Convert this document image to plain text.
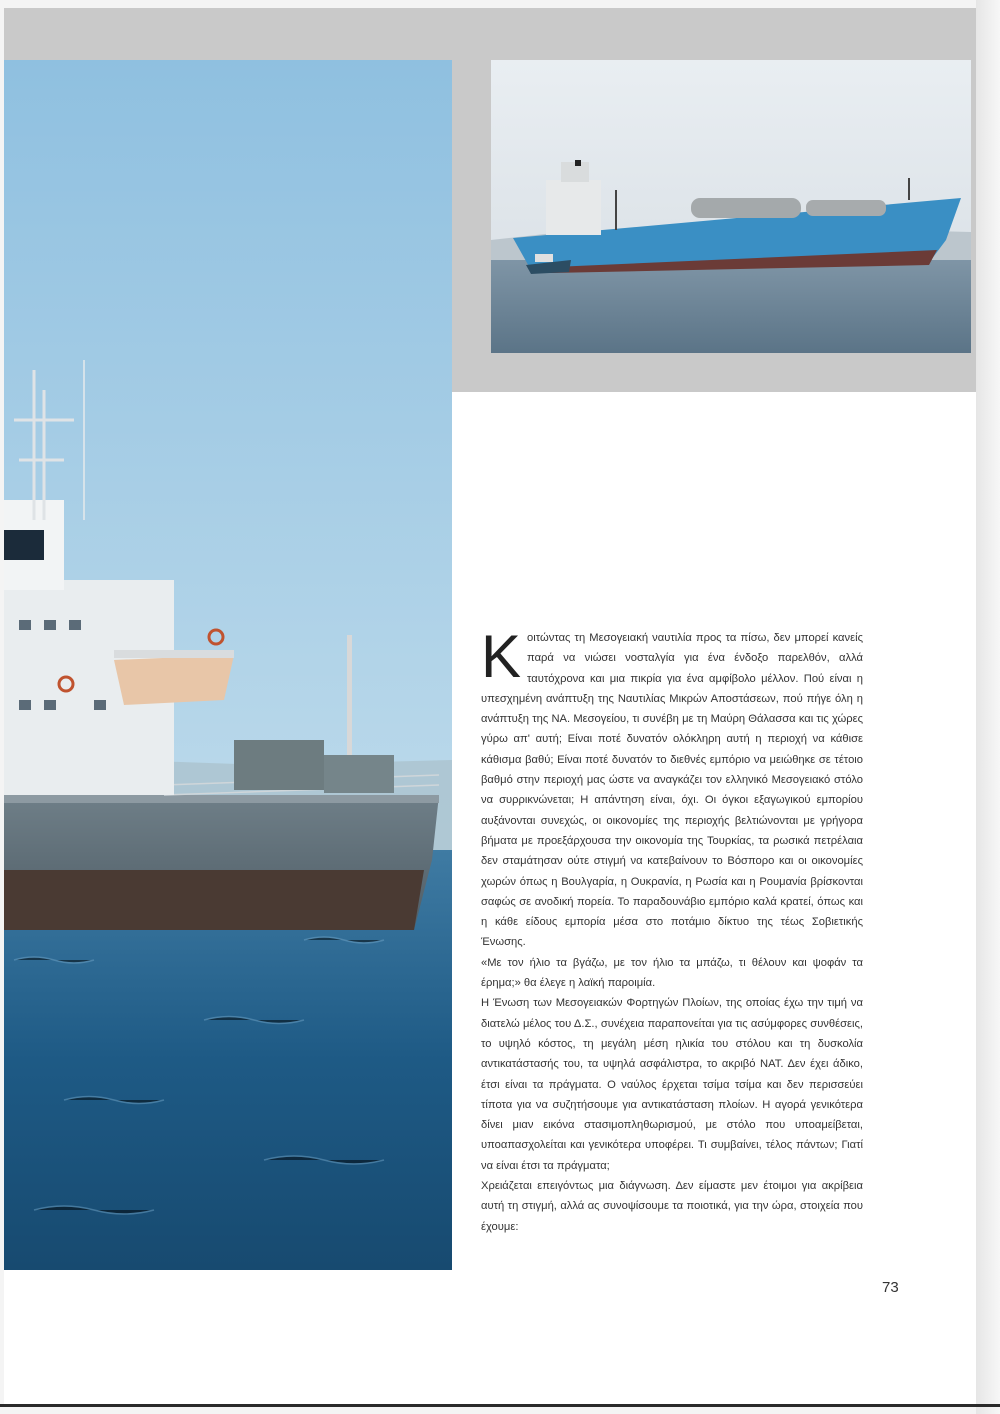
Κοιτώντας τη Μεσογειακή ναυτιλία προς τα πίσω, δεν μπορεί κανείς παρά να νιώσει νοσταλγία για ένα ένδοξο παρελθόν, αλλά ταυτόχρονα και μια πικρία για ένα αμφίβολο μέλλον. Πού είναι η υπεσχημένη ανάπτυξη της Ναυτιλίας Μικρών Αποστάσεων, πού πήγε όλη η ανάπτυξη της ΝΑ. Μεσογείου, τι συνέβη με τη Μαύρη Θάλασσα και τις χώρες γύρω απ' αυτή; Είναι ποτέ δυνατόν ολόκληρη αυτή η περιοχή να κάθισε κάθισμα βαθύ; Είναι ποτέ δυνατόν το διεθνές εμπόριο να μειώθηκε σε τέτοιο βαθμό στην περιοχή μας ώστε να αναγκάζει τον ελληνικό Μεσογειακό στόλο να συρρικνώνεται; Η απάντηση είναι, όχι. Οι όγκοι εξαγωγικού εμπορίου αυξάνονται συνεχώς, οι οικονομίες της περιοχής βελτιώνονται με γρήγορα βήματα με προεξάρχουσα την οικονομία της Τουρκίας, τα ρωσικά πετρέλαια δεν σταμάτησαν ούτε στιγμή να κατεβαίνουν το Βόσπορο και οι οικονομίες χωρών όπως η Βουλγαρία, η Ουκρανία, η Ρωσία και η Ρουμανία βρίσκονται σαφώς σε ανοδική πορεία. Το παραδουνάβιο εμπόριο καλά κρατεί, όπως και η κάθε είδους εμπορία μέσα στο ποτάμιο δίκτυο της τέως Σοβιετικής Ένωσης.

«Με τον ήλιο τα βγάζω, με τον ήλιο τα μπάζω, τι θέλουν και ψοφάν τα έρημα;» θα έλεγε η λαϊκή παροιμία.

Η Ένωση των Μεσογειακών Φορτηγών Πλοίων, της οποίας έχω την τιμή να διατελώ μέλος του Δ.Σ., συνέχεια παραπονείται για τις ασύμφορες συνθέσεις, το υψηλό κόστος, τη μεγάλη μέση ηλικία του στόλου και τη δυσκολία αντικατάστασής του, τα υψηλά ασφάλιστρα, το ακριβό ΝΑΤ. Δεν έχει άδικο, έτσι είναι τα πράγματα. Ο ναύλος έρχεται τσίμα τσίμα και δεν περισσεύει τίποτα για να συζητήσουμε για αντικατάσταση πλοίων. Η αγορά γενικότερα δίνει μιαν εικόνα στασιμοπληθωρισμού, με στόλο που υποαμείβεται, υποαπασχολείται και γενικότερα υποφέρει. Τι συμβαίνει, τέλος πάντων; Γιατί να είναι έτσι τα πράγματα;

Χρειάζεται επειγόντως μια διάγνωση. Δεν είμαστε μεν έτοιμοι για ακρίβεια αυτή τη στιγμή, αλλά ας συνοψίσουμε τα ποιοτικά, για την ώρα, στοιχεία που έχουμε:

73
